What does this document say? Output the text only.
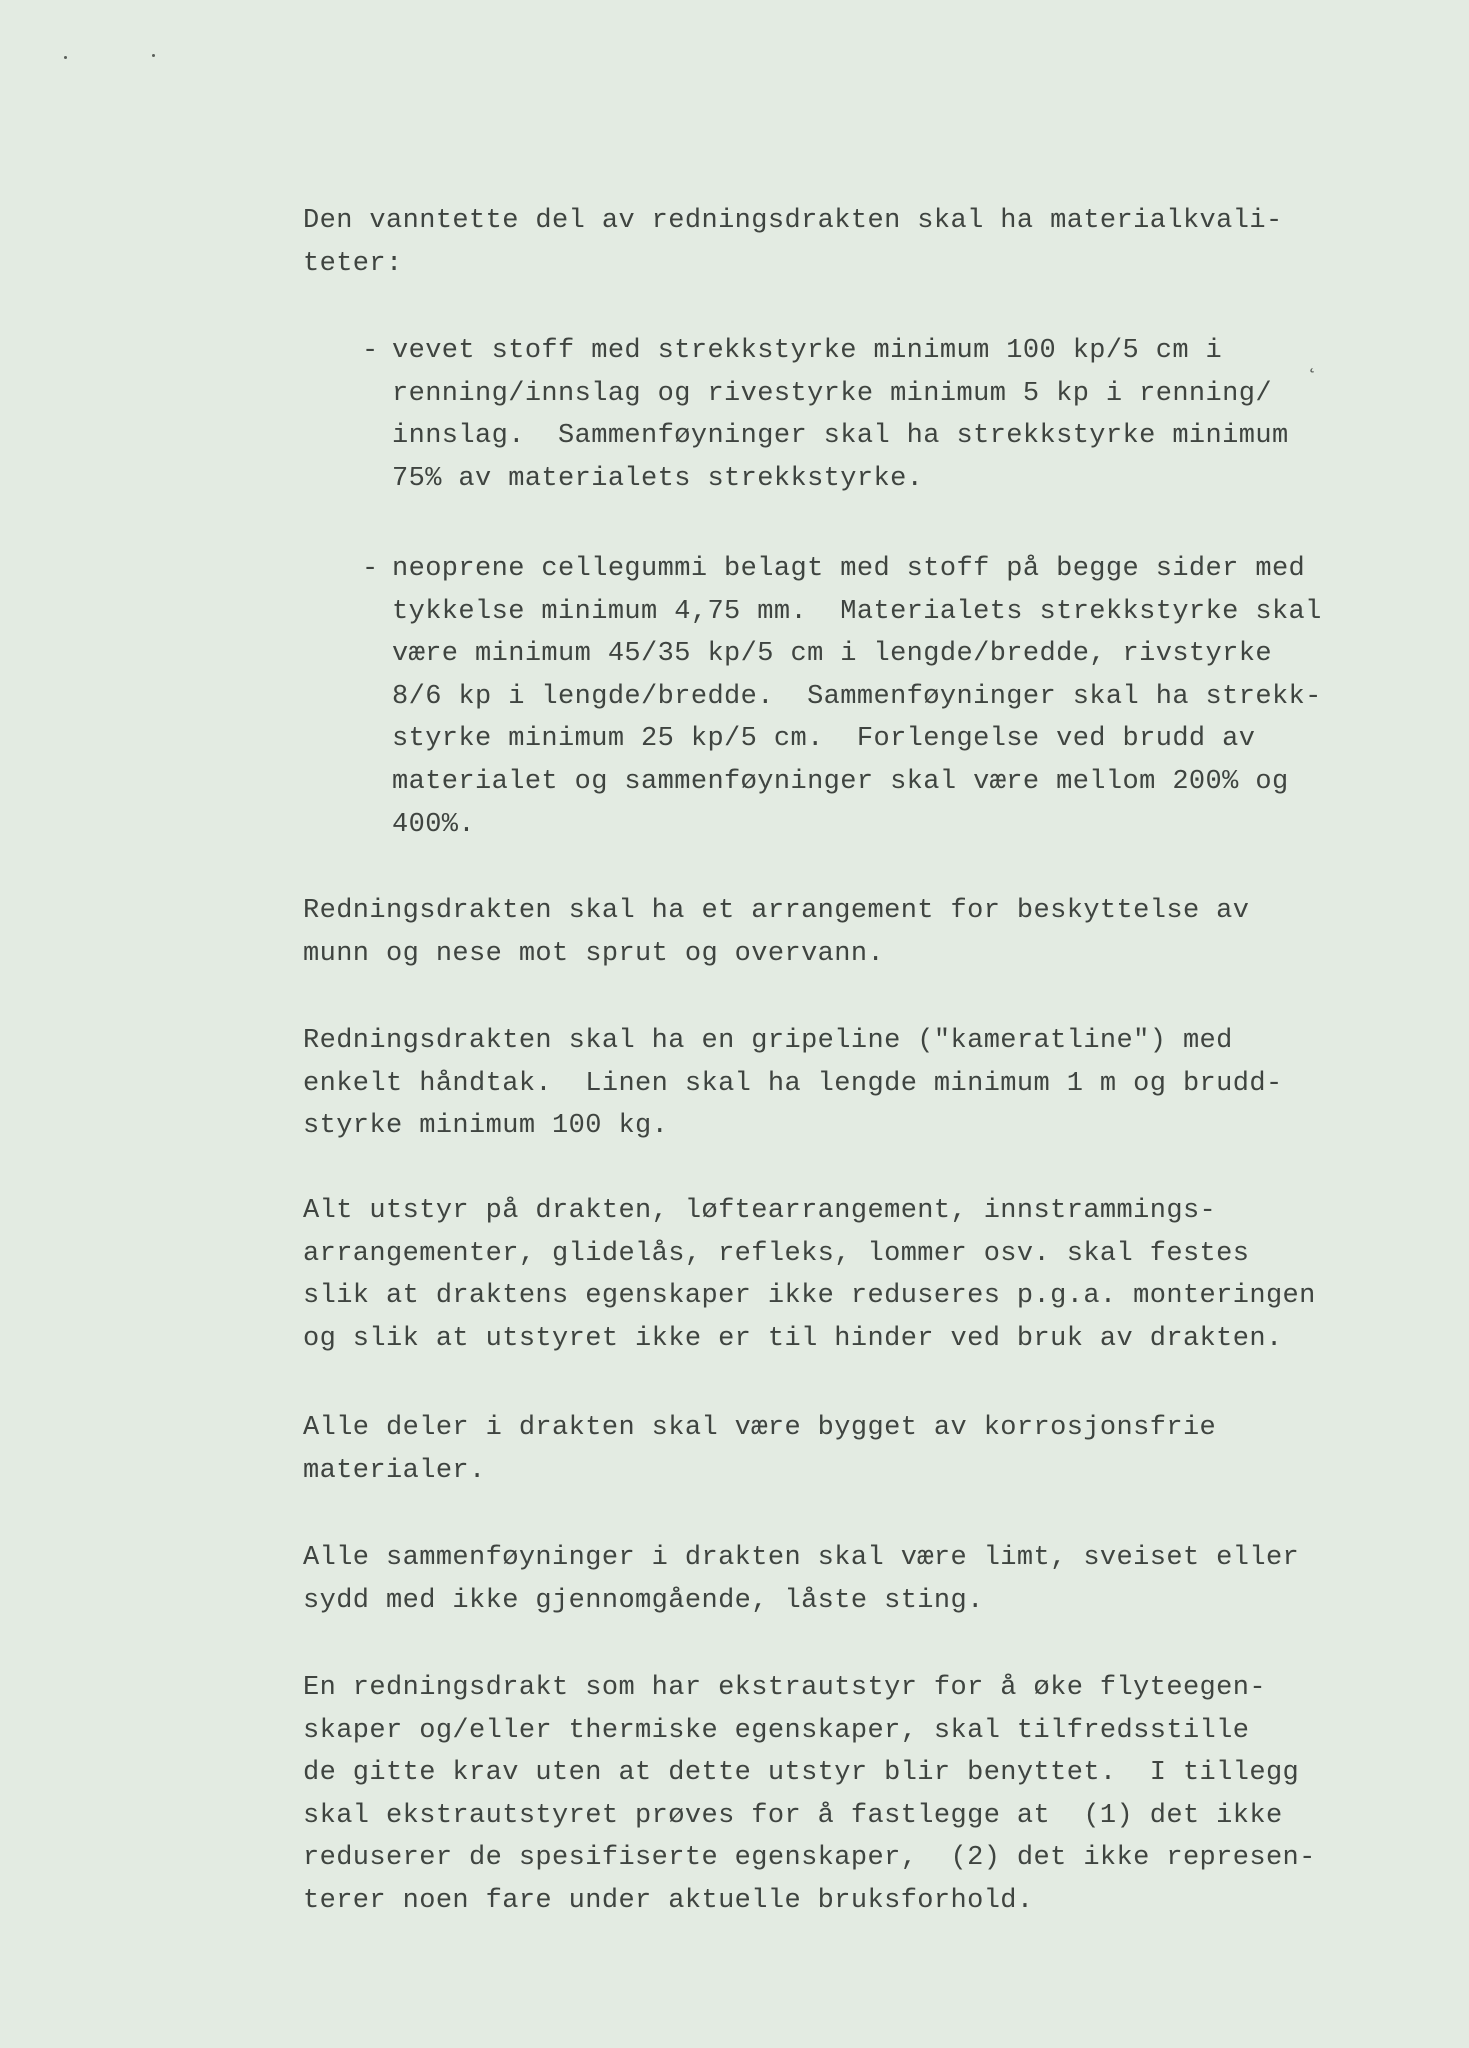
˛
Den vanntette del av redningsdrakten skal ha materialkvali-
teter:
- vevet stoff med strekkstyrke minimum 100 kp/5 cm i
renning/innslag og rivestyrke minimum 5 kp i renning/
innslag.  Sammenføyninger skal ha strekkstyrke minimum
75% av materialets strekkstyrke.
- neoprene cellegummi belagt med stoff på begge sider med
tykkelse minimum 4,75 mm.  Materialets strekkstyrke skal
være minimum 45/35 kp/5 cm i lengde/bredde, rivstyrke
8/6 kp i lengde/bredde.  Sammenføyninger skal ha strekk-
styrke minimum 25 kp/5 cm.  Forlengelse ved brudd av
materialet og sammenføyninger skal være mellom 200% og
400%.
Redningsdrakten skal ha et arrangement for beskyttelse av
munn og nese mot sprut og overvann.
Redningsdrakten skal ha en gripeline ("kameratline") med
enkelt håndtak.  Linen skal ha lengde minimum 1 m og brudd-
styrke minimum 100 kg.
Alt utstyr på drakten, løftearrangement, innstrammings-
arrangementer, glidelås, refleks, lommer osv. skal festes
slik at draktens egenskaper ikke reduseres p.g.a. monteringen
og slik at utstyret ikke er til hinder ved bruk av drakten.
Alle deler i drakten skal være bygget av korrosjonsfrie
materialer.
Alle sammenføyninger i drakten skal være limt, sveiset eller
sydd med ikke gjennomgående, låste sting.
En redningsdrakt som har ekstrautstyr for å øke flyteegen-
skaper og/eller thermiske egenskaper, skal tilfredsstille
de gitte krav uten at dette utstyr blir benyttet.  I tillegg
skal ekstrautstyret prøves for å fastlegge at  (1) det ikke
reduserer de spesifiserte egenskaper,  (2) det ikke represen-
terer noen fare under aktuelle bruksforhold.
